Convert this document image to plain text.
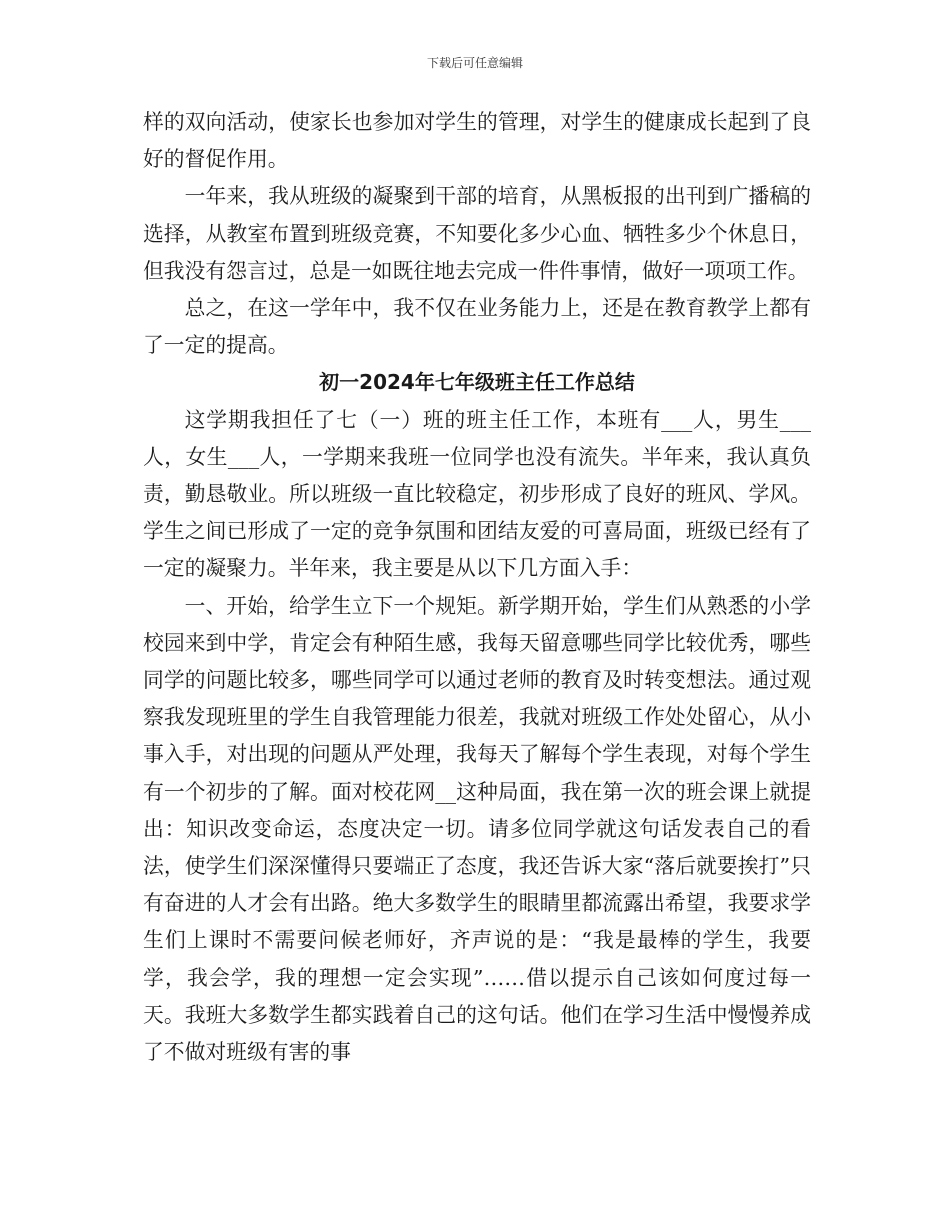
下载后可任意编辑

样的双向活动，使家长也参加对学生的管理，对学生的健康成长起到了良好的督促作用。

一年来，我从班级的凝聚到干部的培育，从黑板报的出刊到广播稿的选择，从教室布置到班级竞赛，不知要化多少心血、牺牲多少个休息日，但我没有怨言过，总是一如既往地去完成一件件事情，做好一项项工作。

总之，在这一学年中，我不仅在业务能力上，还是在教育教学上都有了一定的提高。

初一2024年七年级班主任工作总结

这学期我担任了七（一）班的班主任工作，本班有___人，男生___人，女生___人，一学期来我班一位同学也没有流失。半年来，我认真负责，勤恳敬业。所以班级一直比较稳定，初步形成了良好的班风、学风。学生之间已形成了一定的竞争氛围和团结友爱的可喜局面，班级已经有了一定的凝聚力。半年来，我主要是从以下几方面入手：

一、开始，给学生立下一个规矩。新学期开始，学生们从熟悉的小学校园来到中学，肯定会有种陌生感，我每天留意哪些同学比较优秀，哪些同学的问题比较多，哪些同学可以通过老师的教育及时转变想法。通过观察我发现班里的学生自我管理能力很差，我就对班级工作处处留心，从小事入手，对出现的问题从严处理，我每天了解每个学生表现，对每个学生有一个初步的了解。面对校花网__这种局面，我在第一次的班会课上就提出：知识改变命运，态度决定一切。请多位同学就这句话发表自己的看法，使学生们深深懂得只要端正了态度，我还告诉大家“落后就要挨打”只有奋进的人才会有出路。绝大多数学生的眼睛里都流露出希望，我要求学生们上课时不需要问候老师好，齐声说的是：“我是最棒的学生，我要学，我会学，我的理想一定会实现”……借以提示自己该如何度过每一天。我班大多数学生都实践着自己的这句话。他们在学习生活中慢慢养成了不做对班级有害的事
